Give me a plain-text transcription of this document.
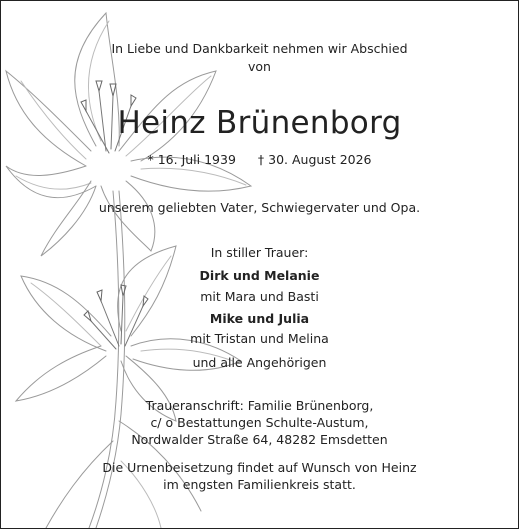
In Liebe und Dankbarkeit nehmen wir Abschied
von
Heinz Brünenborg
* 16. Juli 1939 † 30. August 2026
unserem geliebten Vater, Schwiegervater und Opa.
In stiller Trauer:
Dirk und Melanie
mit Mara und Basti
Mike und Julia
mit Tristan und Melina
und alle Angehörigen
Traueranschrift: Familie Brünenborg,
c/ o Bestattungen Schulte-Austum,
Nordwalder Straße 64, 48282 Emsdetten
Die Urnenbeisetzung findet auf Wunsch von Heinz
im engsten Familienkreis statt.
